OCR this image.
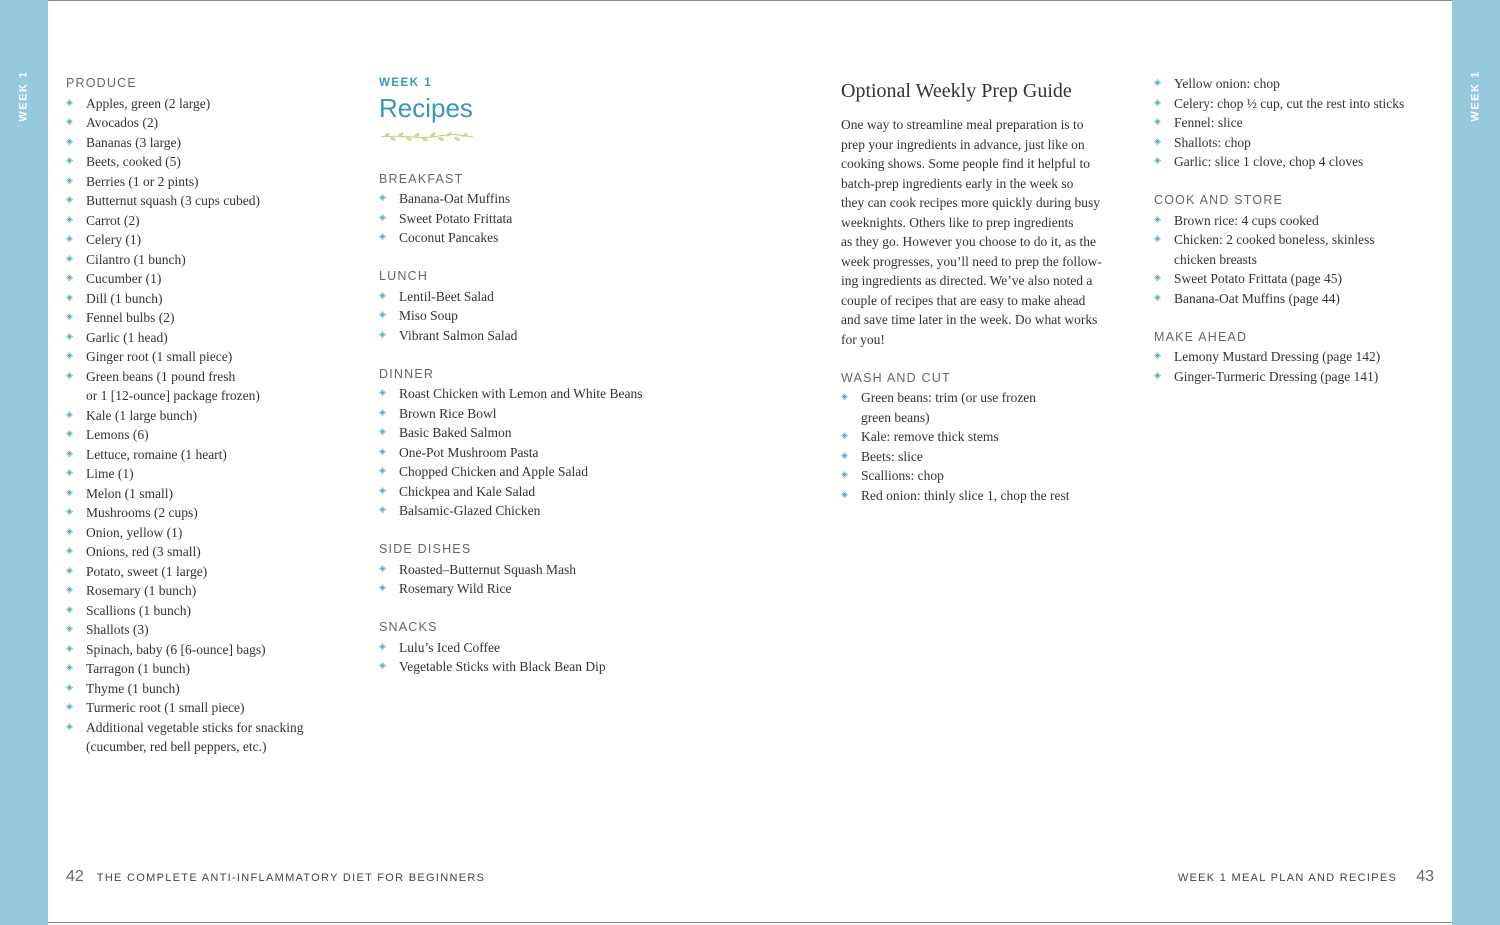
WEEK 1	WEEK 1
PRODUCE
◈ Apples, green (2 large)
◈ Avocados (2)
◈ Bananas (3 large)
◈ Beets, cooked (5)
◈ Berries (1 or 2 pints)
◈ Butternut squash (3 cups cubed)
◈ Carrot (2)
◈ Celery (1)
◈ Cilantro (1 bunch)
◈ Cucumber (1)
◈ Dill (1 bunch)
◈ Fennel bulbs (2)
◈ Garlic (1 head)
◈ Ginger root (1 small piece)
◈ Green beans (1 pound fresh
or 1 [12-ounce] package frozen)
◈ Kale (1 large bunch)
◈ Lemons (6)
◈ Lettuce, romaine (1 heart)
◈ Lime (1)
◈ Melon (1 small)
◈ Mushrooms (2 cups)
◈ Onion, yellow (1)
◈ Onions, red (3 small)
◈ Potato, sweet (1 large)
◈ Rosemary (1 bunch)
◈ Scallions (1 bunch)
◈ Shallots (3)
◈ Spinach, baby (6 [6-ounce] bags)
◈ Tarragon (1 bunch)
◈ Thyme (1 bunch)
◈ Turmeric root (1 small piece)
◈ Additional vegetable sticks for snacking
(cucumber, red bell peppers, etc.)
WEEK 1
Recipes
BREAKFAST
◈ Banana-Oat Muffins
◈ Sweet Potato Frittata
◈ Coconut Pancakes
LUNCH
◈ Lentil-Beet Salad
◈ Miso Soup
◈ Vibrant Salmon Salad
DINNER
◈ Roast Chicken with Lemon and White Beans
◈ Brown Rice Bowl
◈ Basic Baked Salmon
◈ One-Pot Mushroom Pasta
◈ Chopped Chicken and Apple Salad
◈ Chickpea and Kale Salad
◈ Balsamic-Glazed Chicken
SIDE DISHES
◈ Roasted–Butternut Squash Mash
◈ Rosemary Wild Rice
SNACKS
◈ Lulu’s Iced Coffee
◈ Vegetable Sticks with Black Bean Dip
Optional Weekly Prep Guide
One way to streamline meal preparation is to
prep your ingredients in advance, just like on
cooking shows. Some people find it helpful to
batch-prep ingredients early in the week so
they can cook recipes more quickly during busy
weeknights. Others like to prep ingredients
as they go. However you choose to do it, as the
week progresses, you’ll need to prep the follow-
ing ingredients as directed. We’ve also noted a
couple of recipes that are easy to make ahead
and save time later in the week. Do what works
for you!
WASH AND CUT
◈ Green beans: trim (or use frozen
green beans)
◈ Kale: remove thick stems
◈ Beets: slice
◈ Scallions: chop
◈ Red onion: thinly slice 1, chop the rest
◈ Yellow onion: chop
◈ Celery: chop ½ cup, cut the rest into sticks
◈ Fennel: slice
◈ Shallots: chop
◈ Garlic: slice 1 clove, chop 4 cloves
COOK AND STORE
◈ Brown rice: 4 cups cooked
◈ Chicken: 2 cooked boneless, skinless
chicken breasts
◈ Sweet Potato Frittata (page 45)
◈ Banana-Oat Muffins (page 44)
MAKE AHEAD
◈ Lemony Mustard Dressing (page 142)
◈ Ginger-Turmeric Dressing (page 141)
42 THE COMPLETE ANTI-INFLAMMATORY DIET FOR BEGINNERS	WEEK 1 MEAL PLAN AND RECIPES 43
